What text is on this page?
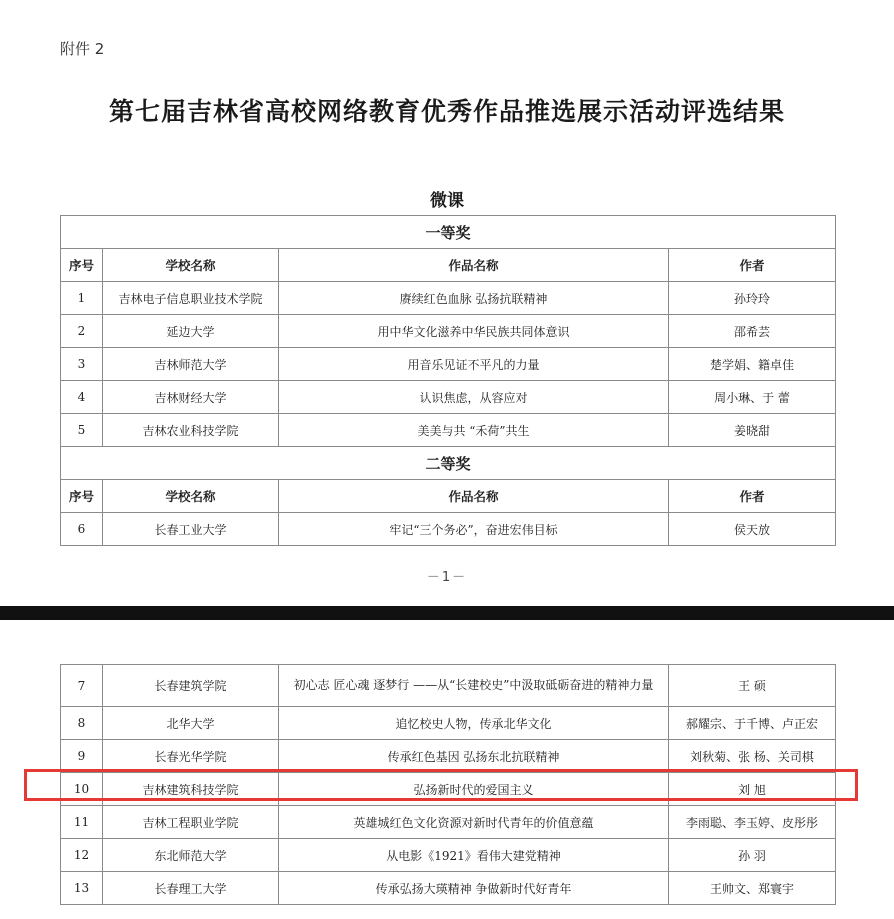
附件 2
第七届吉林省高校网络教育优秀作品推选展示活动评选结果
微课
－1－
一等奖			
序号	学校名称	作品名称	作者
1	吉林电子信息职业技术学院	赓续红色血脉 弘扬抗联精神	孙玲玲
2	延边大学	用中华文化滋养中华民族共同体意识	邵希芸
3	吉林师范大学	用音乐见证不平凡的力量	楚学娟、籍卓佳
4	吉林财经大学	认识焦虑，从容应对	周小琳、于 蕾
5	吉林农业科技学院	美美与共 “禾荷”共生	姜晓甜
二等奖			
序号	学校名称	作品名称	作者
6	长春工业大学	牢记“三个务必”，奋进宏伟目标	侯天放
7	长春建筑学院	初心志 匠心魂 逐梦行 ——从“长建校史”中汲取砥砺奋进的精神力量	王 硕
8	北华大学	追忆校史人物，传承北华文化	郝耀宗、于千博、卢正宏
9	长春光华学院	传承红色基因 弘扬东北抗联精神	刘秋菊、张 杨、关司棋
10	吉林建筑科技学院	弘扬新时代的爱国主义	刘 旭
11	吉林工程职业学院	英雄城红色文化资源对新时代青年的价值意蕴	李雨聪、李玉婷、皮彤彤
12	东北师范大学	从电影《1921》看伟大建党精神	孙 羽
13	长春理工大学	传承弘扬大瑛精神 争做新时代好青年	王帅文、郑寰宇
